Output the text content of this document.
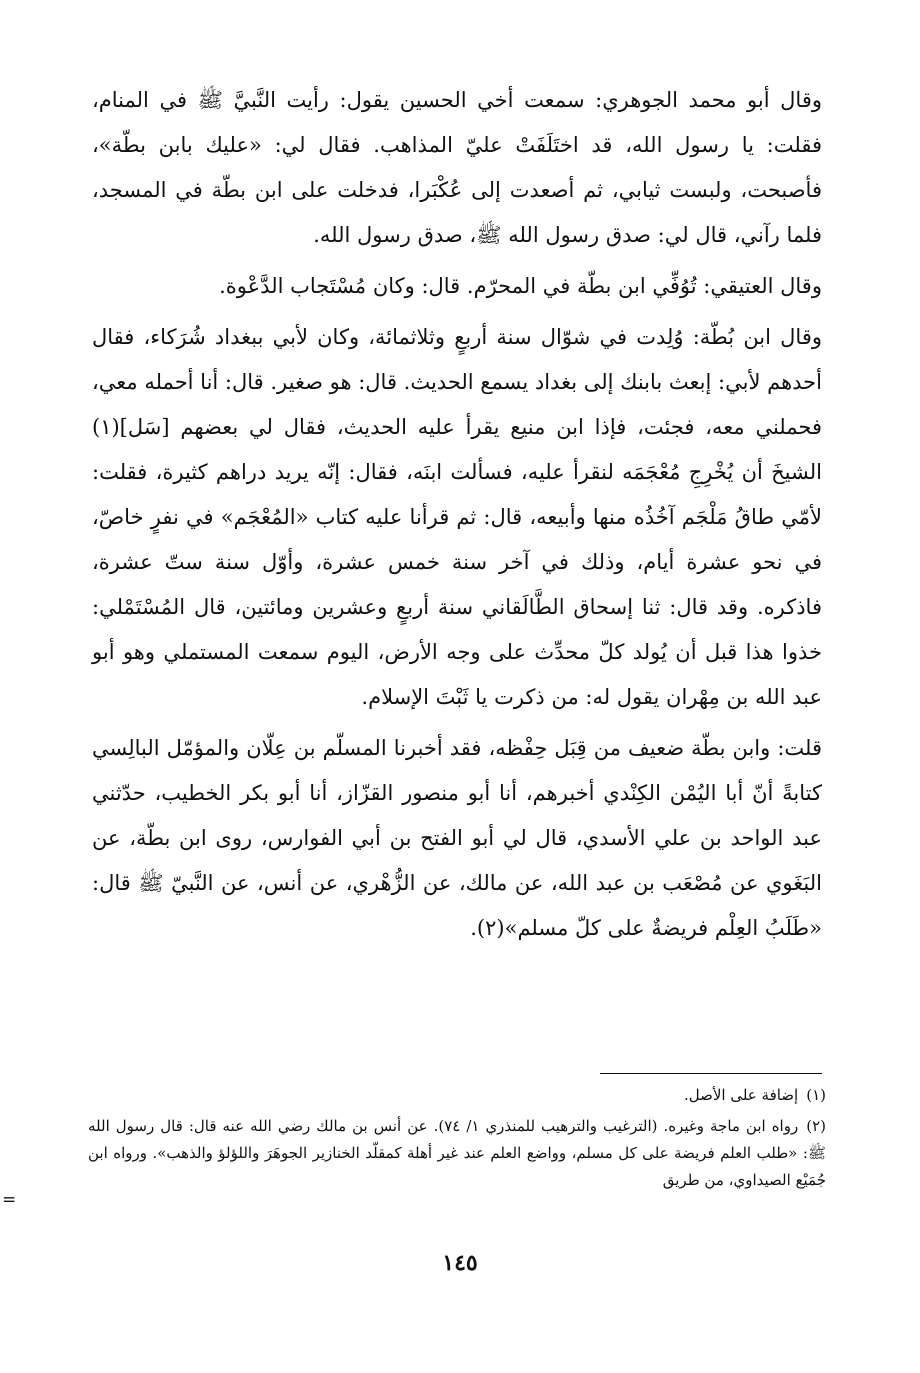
وقال أبو محمد الجوهري: سمعت أخي الحسين يقول: رأيت النَّبيَّ ﷺ في المنام، فقلت: يا رسول الله، قد اختَلَفَتْ عليّ المذاهب. فقال لي: «عليك بابن بطّة»، فأصبحت، ولبست ثيابي، ثم أصعدت إلى عُكْبَرا، فدخلت على ابن بطّة في المسجد، فلما رآني، قال لي: صدق رسول الله ﷺ، صدق رسول الله.

وقال العتيقي: تُوُفِّي ابن بطّة في المحرّم. قال: وكان مُسْتَجاب الدَّعْوة.

وقال ابن بُطّة: وُلِدت في شوّال سنة أربعٍ وثلاثمائة، وكان لأبي ببغداد شُرَكاء، فقال أحدهم لأبي: إبعث بابنك إلى بغداد يسمع الحديث. قال: هو صغير. قال: أنا أحمله معي، فحملني معه، فجئت، فإذا ابن منيع يقرأ عليه الحديث، فقال لي بعضهم [سَل](١) الشيخَ أن يُخْرِجِ مُعْجَمَه لنقرأ عليه، فسألت ابنَه، فقال: إنّه يريد دراهم كثيرة، فقلت: لأمّي طاقُ مَلْجَم آخُذُه منها وأبيعه، قال: ثم قرأنا عليه كتاب «المُعْجَم» في نفرٍ خاصّ، في نحو عشرة أيام، وذلك في آخر سنة خمس عشرة، وأوّل سنة ستّ عشرة، فاذكره. وقد قال: ثنا إسحاق الطَّالَقاني سنة أربعٍ وعشرين ومائتين، قال المُسْتَمْلي: خذوا هذا قبل أن يُولد كلّ محدِّث على وجه الأرض، اليوم سمعت المستملي وهو أبو عبد الله بن مِهْران يقول له: من ذكرت يا ثَبْتَ الإسلام.

قلت: وابن بطّة ضعيف من قِبَل حِفْظه، فقد أخبرنا المسلّم بن عِلّان والمؤمّل البالِسي كتابةً أنّ أبا اليُمْن الكِنْدي أخبرهم، أنا أبو منصور القزّاز، أنا أبو بكر الخطيب، حدّثني عبد الواحد بن علي الأسدي، قال لي أبو الفتح بن أبي الفوارس، روى ابن بطّة، عن البَغَوي عن مُصْعَب بن عبد الله، عن مالك، عن الزُّهْري، عن أنس، عن النَّبيّ ﷺ قال: «طَلَبُ العِلْم فريضةٌ على كلّ مسلم»(٢).

(١)إضافة على الأصل.

(٢)رواه ابن ماجة وغيره. (الترغيب والترهيب للمنذري ١/ ٧٤). عن أنس بن مالك رضي الله عنه قال: قال رسول الله ﷺ: «طلب العلم فريضة على كل مسلم، وواضع العلم عند غير أهلة كمقلّد الخنازير الجوهَرَ واللؤلؤ والذهب». ورواه ابن جُمَيْع الصيداوي، من طريق

=
١٤٥
